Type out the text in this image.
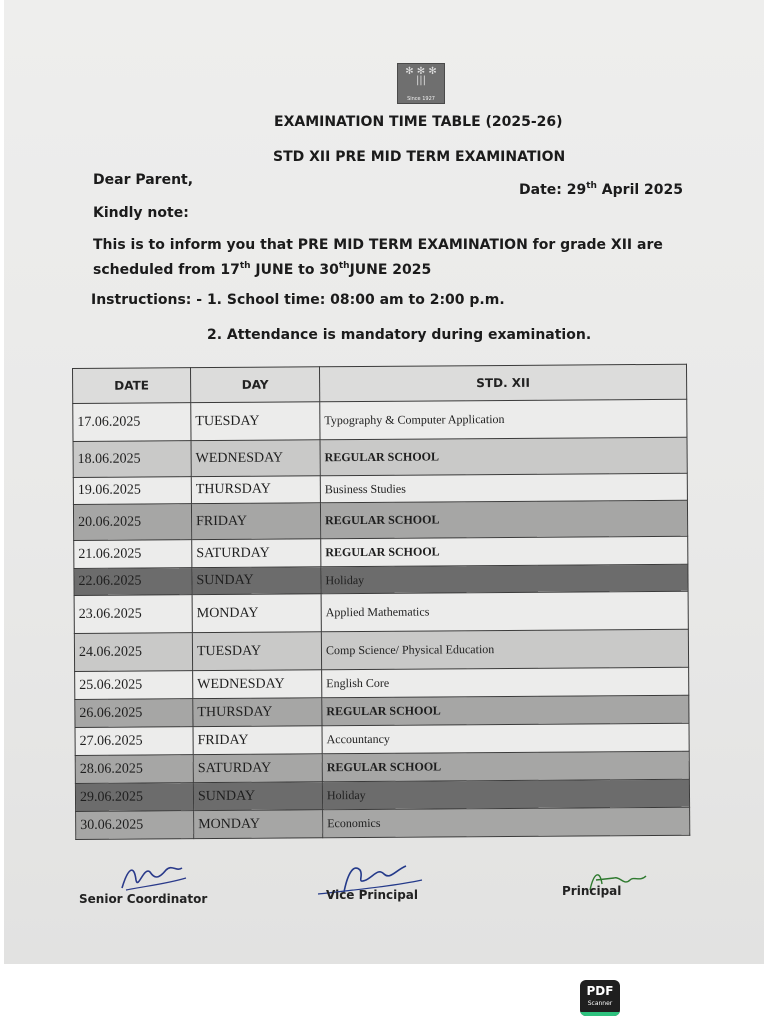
✻ ✻ ✻
|||
Since 1927
EXAMINATION TIME TABLE (2025-26)
STD XII PRE MID TERM EXAMINATION
Dear Parent,
Date: 29th April 2025
Kindly note:
This is to inform you that PRE MID TERM EXAMINATION for grade XII are
scheduled from 17th JUNE to 30thJUNE 2025
Instructions: - 1. School time: 08:00 am to 2:00 p.m.
2. Attendance is mandatory during examination.
DATE	DAY	STD. XII
17.06.2025	TUESDAY	Typography & Computer Application
18.06.2025	WEDNESDAY	REGULAR SCHOOL
19.06.2025	THURSDAY	Business Studies
20.06.2025	FRIDAY	REGULAR SCHOOL
21.06.2025	SATURDAY	REGULAR SCHOOL
22.06.2025	SUNDAY	Holiday
23.06.2025	MONDAY	Applied Mathematics
24.06.2025	TUESDAY	Comp Science/ Physical Education
25.06.2025	WEDNESDAY	English Core
26.06.2025	THURSDAY	REGULAR SCHOOL
27.06.2025	FRIDAY	Accountancy
28.06.2025	SATURDAY	REGULAR SCHOOL
29.06.2025	SUNDAY	Holiday
30.06.2025	MONDAY	Economics
Senior Coordinator	Vice Principal	Principal
PDF
Scanner
